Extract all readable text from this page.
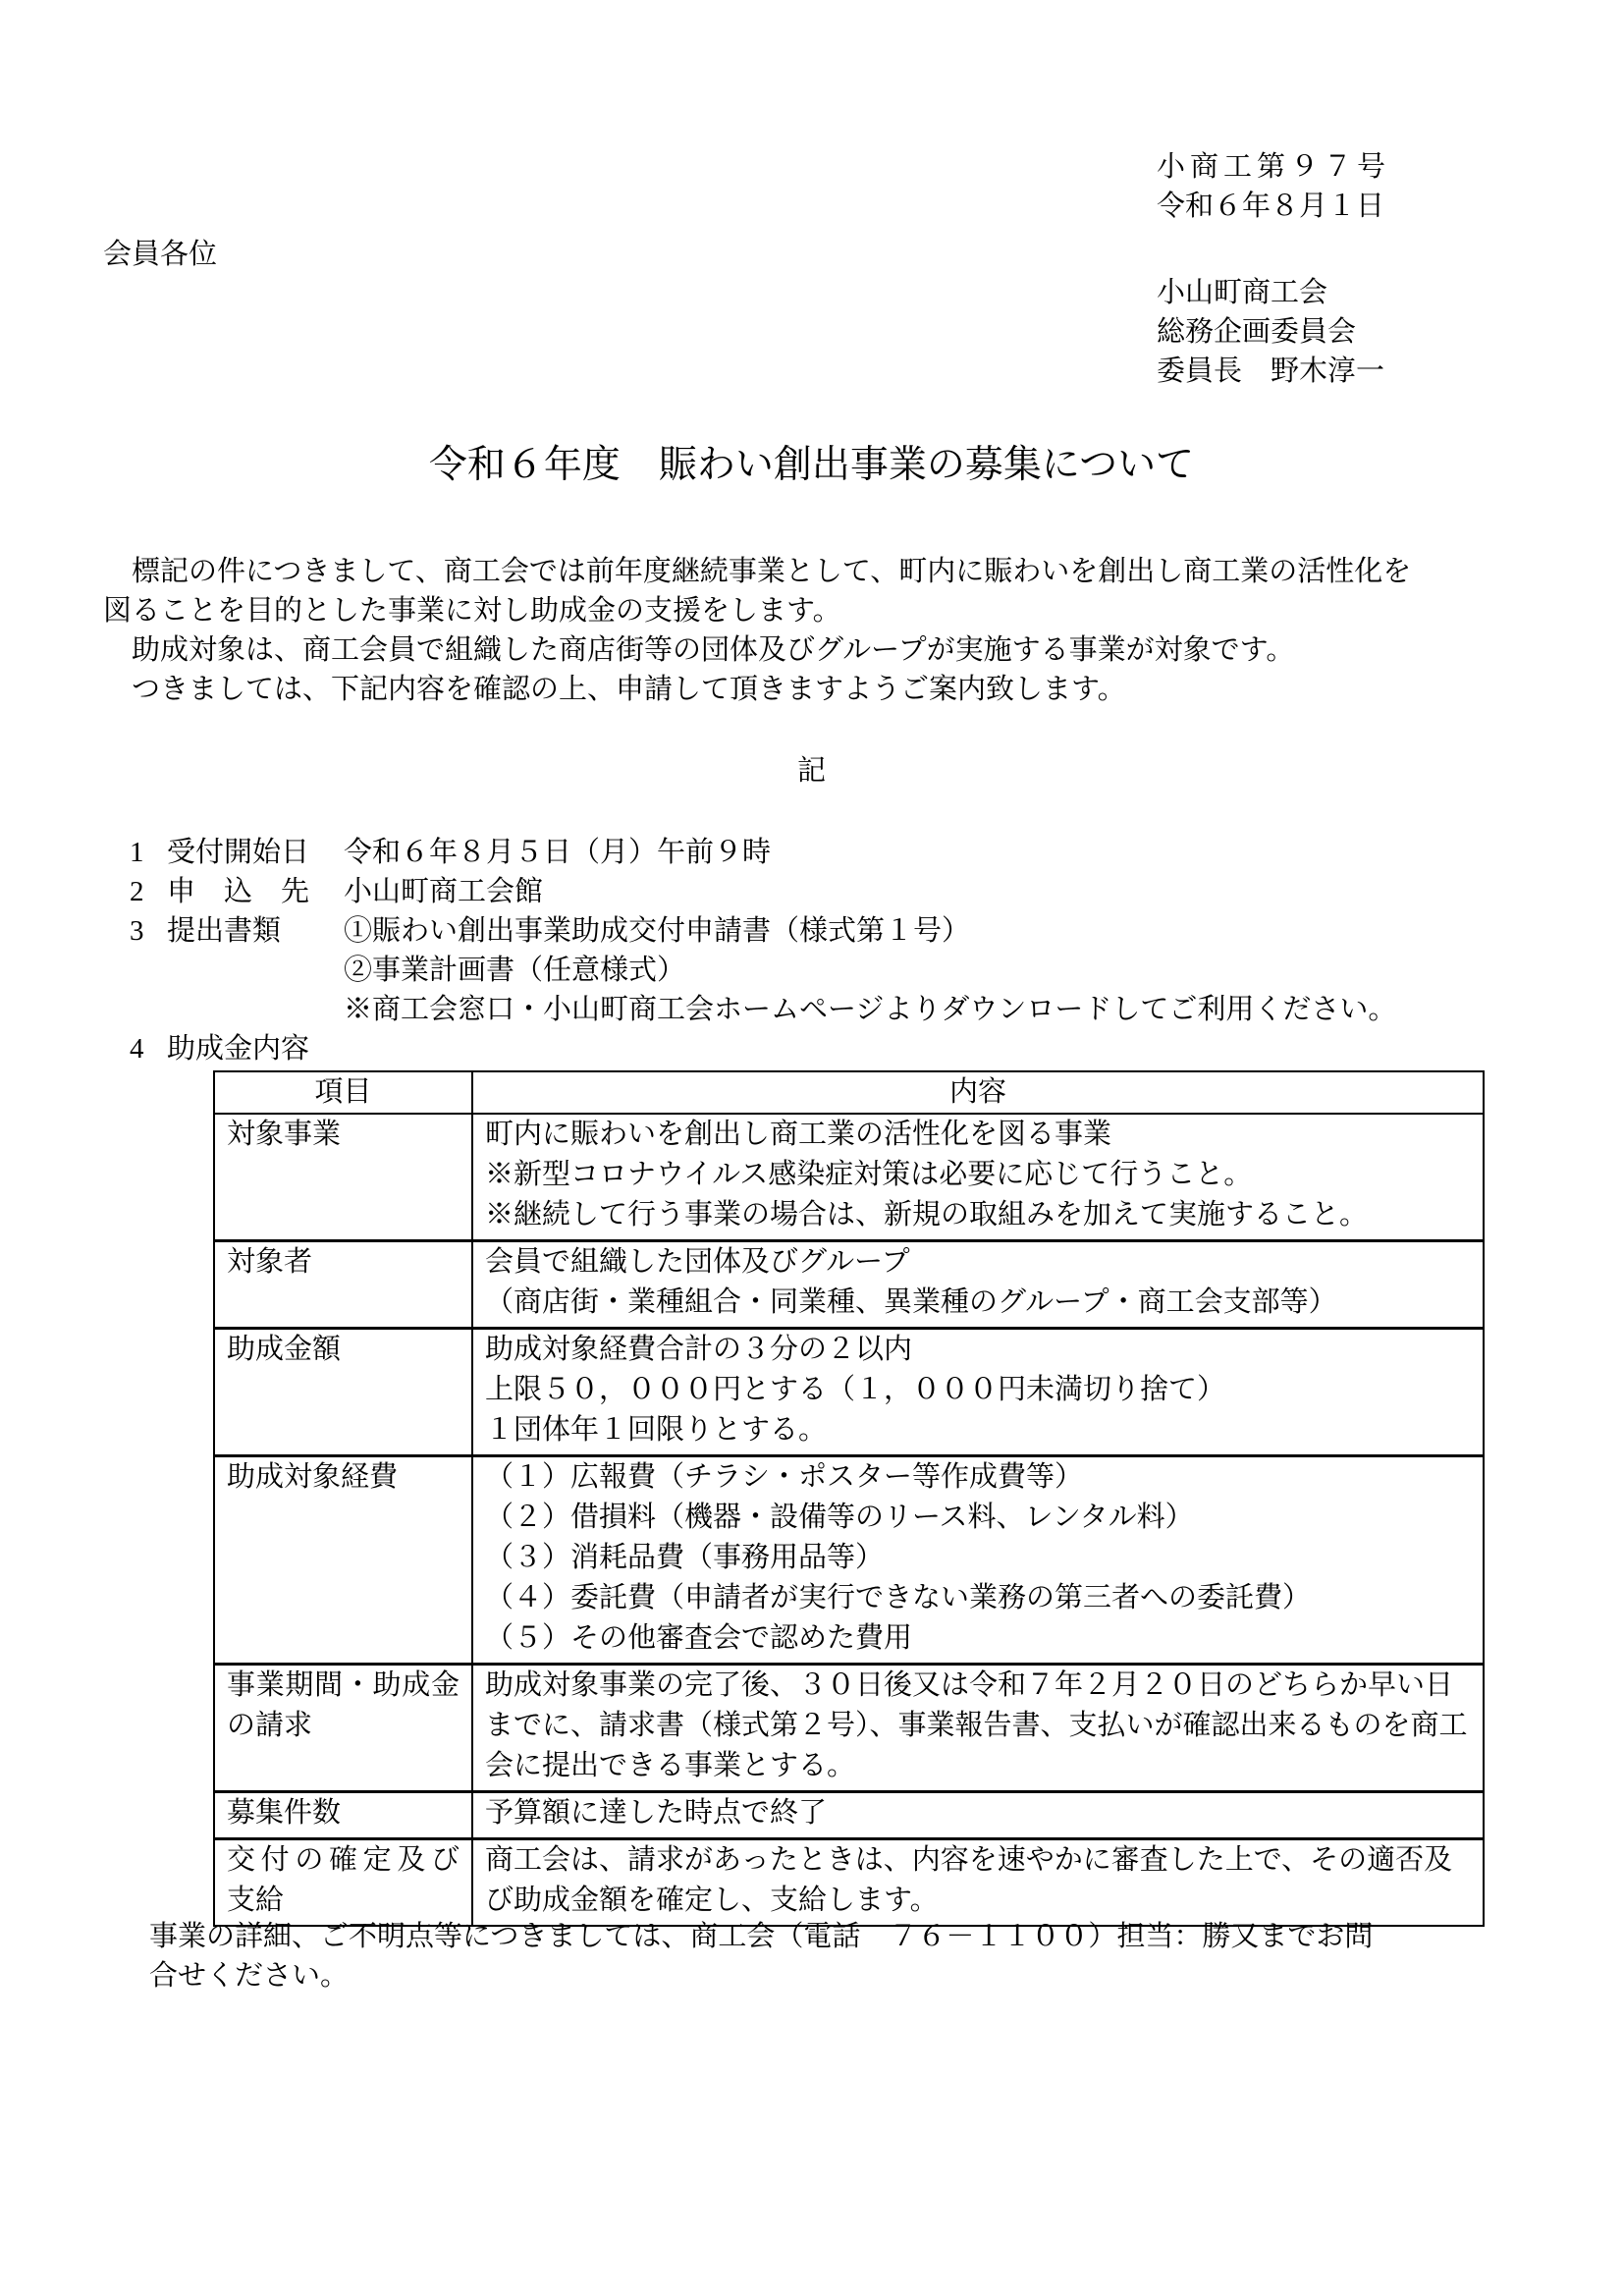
小商工第９７号
令和６年８月１日
小山町商工会
総務企画委員会
委員長　野木淳一
会員各位
令和６年度　賑わい創出事業の募集について
　標記の件につきまして、商工会では前年度継続事業として、町内に賑わいを創出し商工業の活性化を
図ることを目的とした事業に対し助成金の支援をします。
　助成対象は、商工会員で組織した商店街等の団体及びグループが実施する事業が対象です。
　つきましては、下記内容を確認の上、申請して頂きますようご案内致します。
記
1 受付開始日	令和６年８月５日（月）午前９時
2 申　込　先	小山町商工会館
3 提出書類	①賑わい創出事業助成交付申請書（様式第１号）
②事業計画書（任意様式）
※商工会窓口・小山町商工会ホームページよりダウンロードしてご利用ください。
4 助成金内容
項目	内容

対象事業	町内に賑わいを創出し商工業の活性化を図る事業
※新型コロナウイルス感染症対策は必要に応じて行うこと。
※継続して行う事業の場合は、新規の取組みを加えて実施すること。

対象者	会員で組織した団体及びグループ
（商店街・業種組合・同業種、異業種のグループ・商工会支部等）

助成金額	助成対象経費合計の３分の２以内
上限５０，０００円とする（１，０００円未満切り捨て）
１団体年１回限りとする。

助成対象経費	（１）広報費（チラシ・ポスター等作成費等）
（２）借損料（機器・設備等のリース料、レンタル料）
（３）消耗品費（事務用品等）
（４）委託費（申請者が実行できない業務の第三者への委託費）
（５）その他審査会で認めた費用

事業期間・助成金
の請求	助成対象事業の完了後、３０日後又は令和７年２月２０日のどちらか早い日までに、請求書（様式第２号）、事業報告書、支払いが確認出来るものを商工会に提出できる事業とする。

募集件数	予算額に達した時点で終了

交付の確定及び
支給	商工会は、請求があったときは、内容を速やかに審査した上で、その適否及び助成金額を確定し、支給します。
事業の詳細、ご不明点等につきましては、商工会（電話　７６－１１００）担当：勝又までお問
合せください。
